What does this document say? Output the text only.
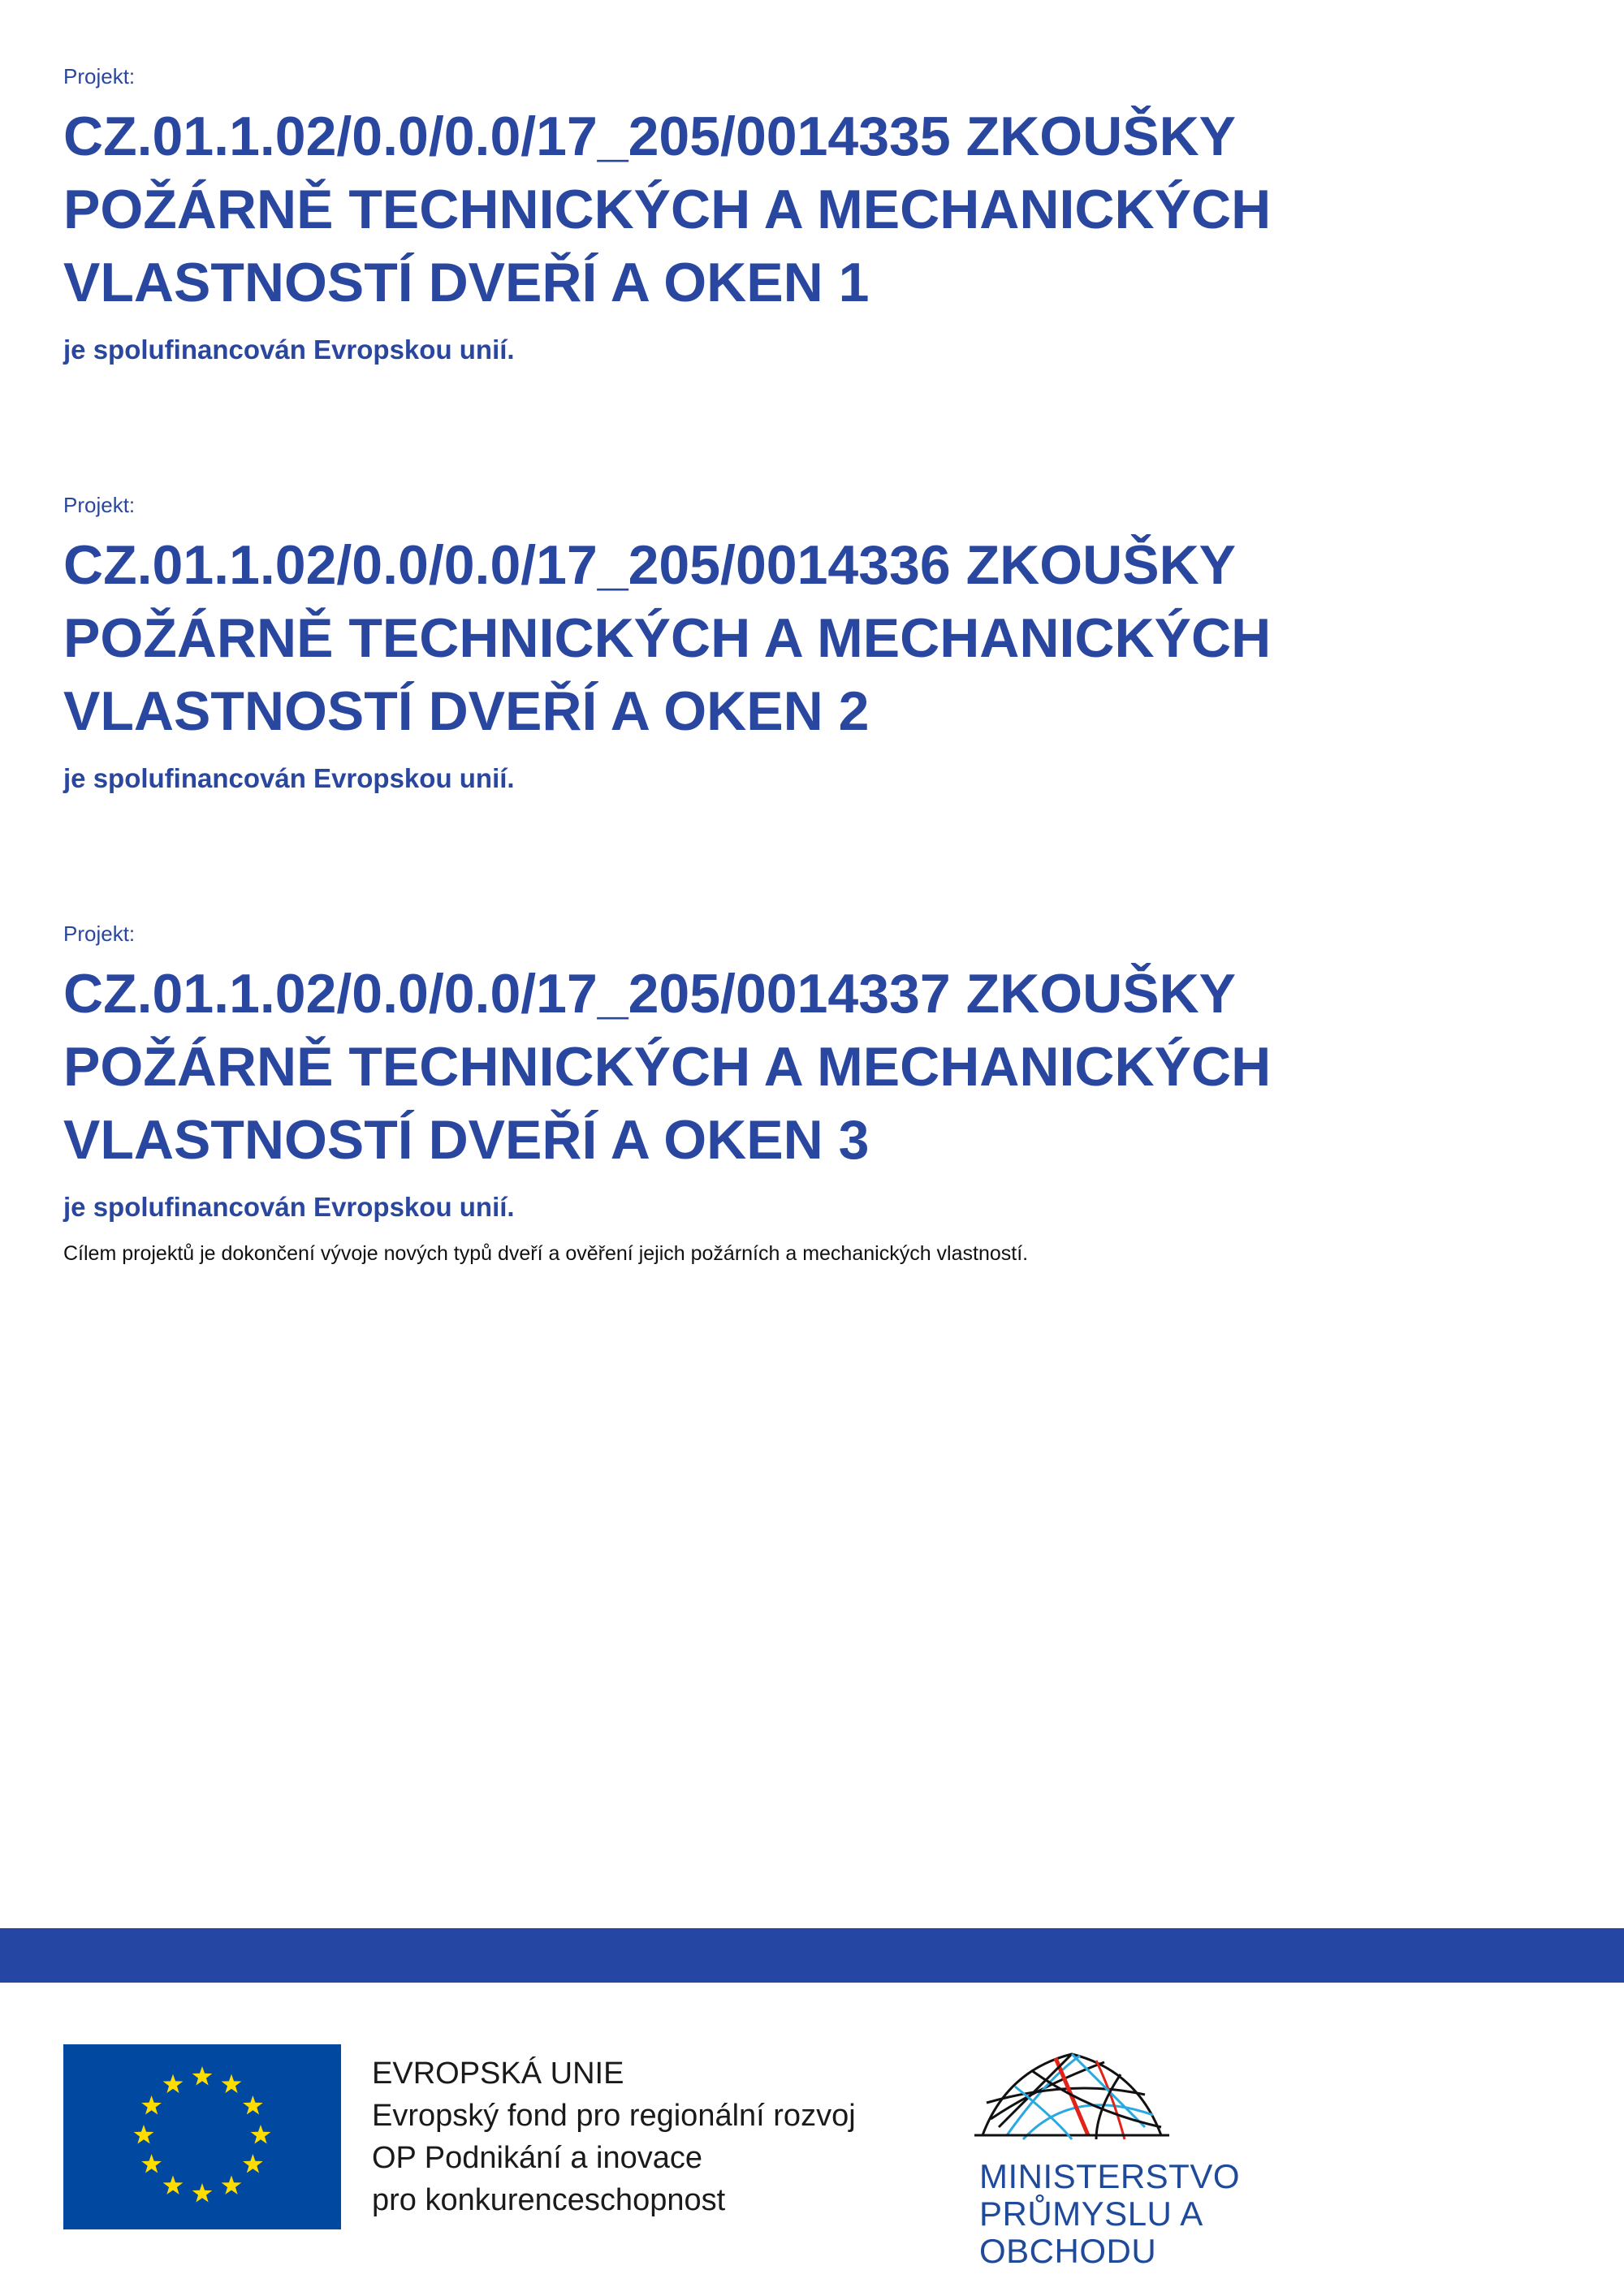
Projekt:
CZ.01.1.02/0.0/0.0/17_205/0014335 ZKOUŠKY
POŽÁRNĚ TECHNICKÝCH A MECHANICKÝCH
VLASTNOSTÍ DVEŘÍ A OKEN 1
je spolufinancován Evropskou unií.
Projekt:
CZ.01.1.02/0.0/0.0/17_205/0014336 ZKOUŠKY
POŽÁRNĚ TECHNICKÝCH A MECHANICKÝCH
VLASTNOSTÍ DVEŘÍ A OKEN 2
je spolufinancován Evropskou unií.
Projekt:
CZ.01.1.02/0.0/0.0/17_205/0014337 ZKOUŠKY
POŽÁRNĚ TECHNICKÝCH A MECHANICKÝCH
VLASTNOSTÍ DVEŘÍ A OKEN 3
je spolufinancován Evropskou unií.
Cílem projektů je dokončení vývoje nových typů dveří a ověření jejich požárních a mechanických vlastností.
EVROPSKÁ UNIE
Evropský fond pro regionální rozvoj
OP Podnikání a inovace
pro konkurenceschopnost
MINISTERSTVO
PRŮMYSLU A OBCHODU
